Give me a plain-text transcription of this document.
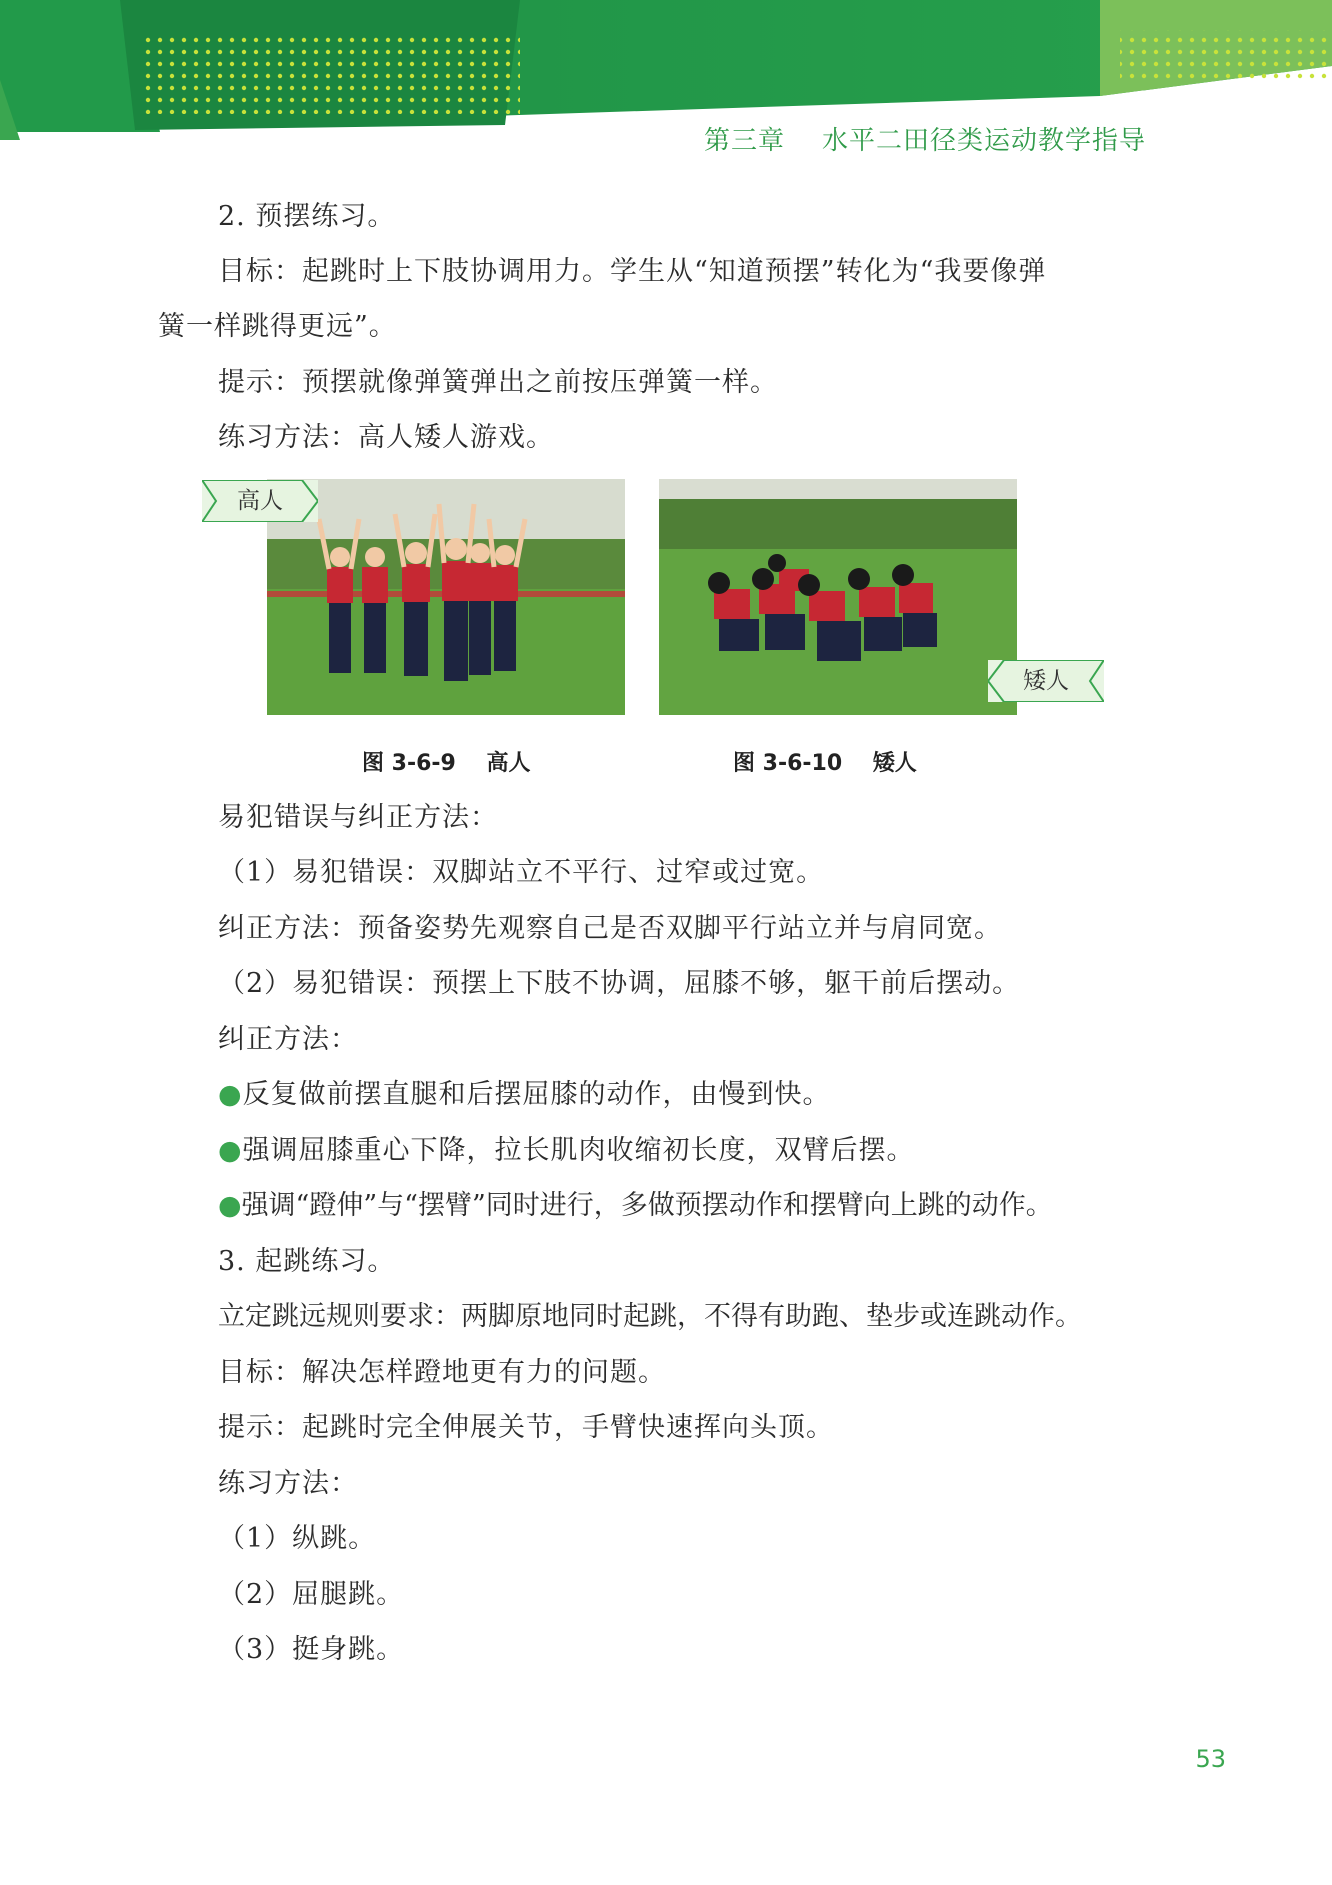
第三章    水平二田径类运动教学指导
2. 预摆练习。
目标：起跳时上下肢协调用力。学生从“知道预摆”转化为“我要像弹
簧一样跳得更远”。
提示：预摆就像弹簧弹出之前按压弹簧一样。
练习方法：高人矮人游戏。
高人
矮人
图 3-6-9    高人	图 3-6-10    矮人
易犯错误与纠正方法：
（1）易犯错误：双脚站立不平行、过窄或过宽。
纠正方法：预备姿势先观察自己是否双脚平行站立并与肩同宽。
（2）易犯错误：预摆上下肢不协调，屈膝不够，躯干前后摆动。
纠正方法：
●反复做前摆直腿和后摆屈膝的动作，由慢到快。
●强调屈膝重心下降，拉长肌肉收缩初长度，双臂后摆。
●强调“蹬伸”与“摆臂”同时进行，多做预摆动作和摆臂向上跳的动作。
3. 起跳练习。
立定跳远规则要求：两脚原地同时起跳，不得有助跑、垫步或连跳动作。
目标：解决怎样蹬地更有力的问题。
提示：起跳时完全伸展关节，手臂快速挥向头顶。
练习方法：
（1）纵跳。
（2）屈腿跳。
（3）挺身跳。
53
